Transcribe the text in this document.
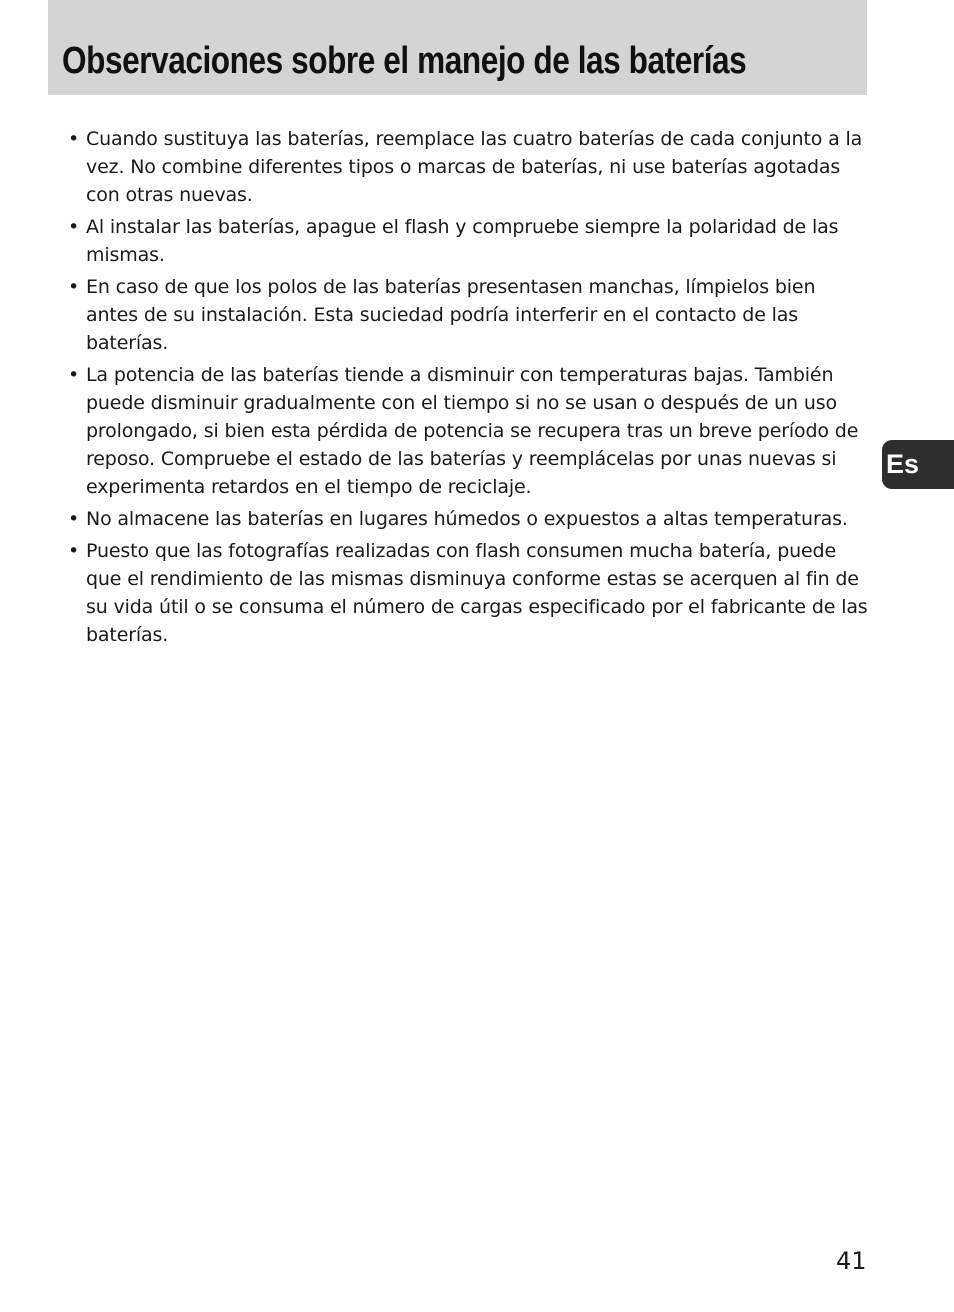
Observaciones sobre el manejo de las baterías
• Cuando sustituya las baterías, reemplace las cuatro baterías de cada conjunto a la vez. No combine diferentes tipos o marcas de baterías, ni use baterías agotadas con otras nuevas.
• Al instalar las baterías, apague el flash y compruebe siempre la polaridad de las mismas.
• En caso de que los polos de las baterías presentasen manchas, límpielos bien antes de su instalación. Esta suciedad podría interferir en el contacto de las baterías.
• La potencia de las baterías tiende a disminuir con temperaturas bajas. También puede disminuir gradualmente con el tiempo si no se usan o después de un uso prolongado, si bien esta pérdida de potencia se recupera tras un breve período de reposo. Compruebe el estado de las baterías y reemplácelas por unas nuevas si experimenta retardos en el tiempo de reciclaje.
• No almacene las baterías en lugares húmedos o expuestos a altas temperaturas.
• Puesto que las fotografías realizadas con flash consumen mucha batería, puede que el rendimiento de las mismas disminuya conforme estas se acerquen al fin de su vida útil o se consuma el número de cargas especificado por el fabricante de las baterías.
Es
41
